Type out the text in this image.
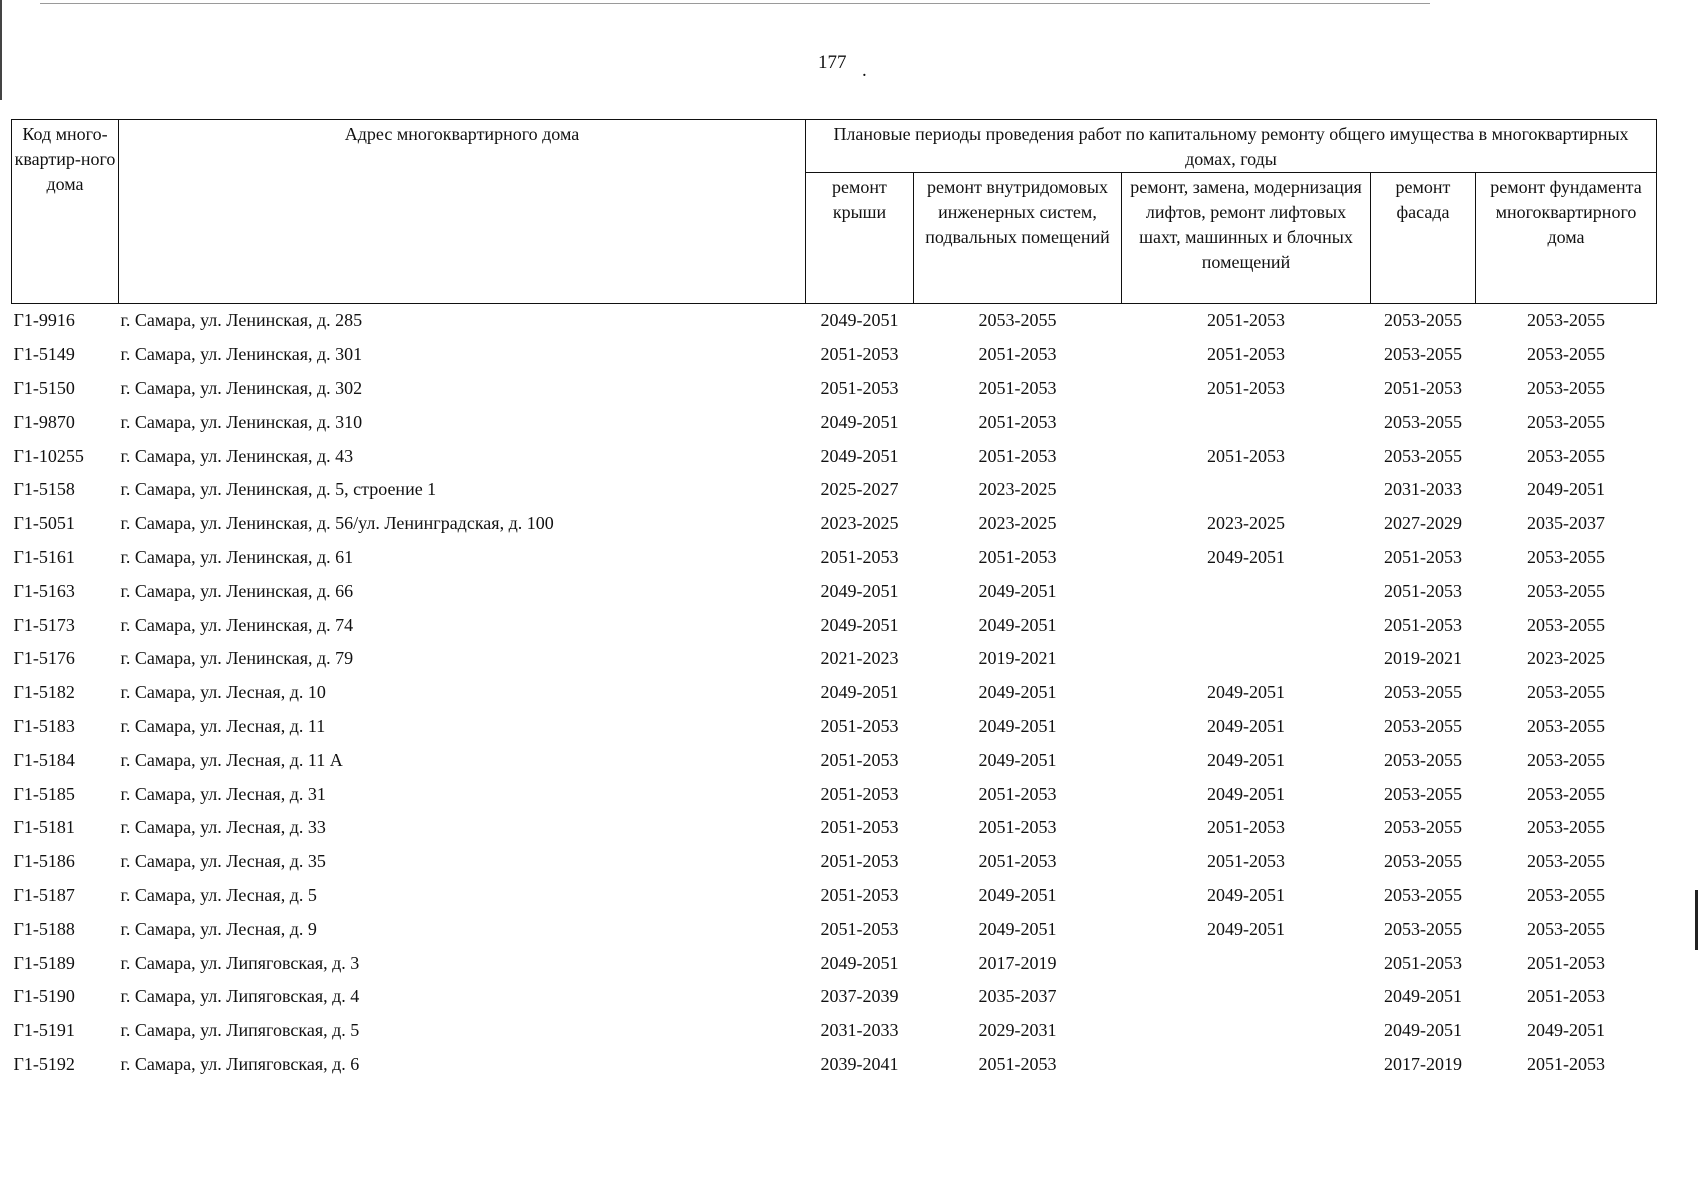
177 .
Код много-квартир-ного дома	Адрес многоквартирного дома	Плановые периоды проведения работ по капитальному ремонту общего имущества в многоквартирных домах, годы				
		ремонт крыши	ремонт внутридомовых инженерных систем, подвальных помещений	ремонт, замена, модернизация лифтов, ремонт лифтовых шахт, машинных и блочных помещений	ремонт фасада	ремонт фундамента многоквартирного дома
Г1-9916	г. Самара, ул. Ленинская, д. 285	2049-2051	2053-2055	2051-2053	2053-2055	2053-2055
Г1-5149	г. Самара, ул. Ленинская, д. 301	2051-2053	2051-2053	2051-2053	2053-2055	2053-2055
Г1-5150	г. Самара, ул. Ленинская, д. 302	2051-2053	2051-2053	2051-2053	2051-2053	2053-2055
Г1-9870	г. Самара, ул. Ленинская, д. 310	2049-2051	2051-2053		2053-2055	2053-2055
Г1-10255	г. Самара, ул. Ленинская, д. 43	2049-2051	2051-2053	2051-2053	2053-2055	2053-2055
Г1-5158	г. Самара, ул. Ленинская, д. 5, строение 1	2025-2027	2023-2025		2031-2033	2049-2051
Г1-5051	г. Самара, ул. Ленинская, д. 56/ул. Ленинградская, д. 100	2023-2025	2023-2025	2023-2025	2027-2029	2035-2037
Г1-5161	г. Самара, ул. Ленинская, д. 61	2051-2053	2051-2053	2049-2051	2051-2053	2053-2055
Г1-5163	г. Самара, ул. Ленинская, д. 66	2049-2051	2049-2051		2051-2053	2053-2055
Г1-5173	г. Самара, ул. Ленинская, д. 74	2049-2051	2049-2051		2051-2053	2053-2055
Г1-5176	г. Самара, ул. Ленинская, д. 79	2021-2023	2019-2021		2019-2021	2023-2025
Г1-5182	г. Самара, ул. Лесная, д. 10	2049-2051	2049-2051	2049-2051	2053-2055	2053-2055
Г1-5183	г. Самара, ул. Лесная, д. 11	2051-2053	2049-2051	2049-2051	2053-2055	2053-2055
Г1-5184	г. Самара, ул. Лесная, д. 11 А	2051-2053	2049-2051	2049-2051	2053-2055	2053-2055
Г1-5185	г. Самара, ул. Лесная, д. 31	2051-2053	2051-2053	2049-2051	2053-2055	2053-2055
Г1-5181	г. Самара, ул. Лесная, д. 33	2051-2053	2051-2053	2051-2053	2053-2055	2053-2055
Г1-5186	г. Самара, ул. Лесная, д. 35	2051-2053	2051-2053	2051-2053	2053-2055	2053-2055
Г1-5187	г. Самара, ул. Лесная, д. 5	2051-2053	2049-2051	2049-2051	2053-2055	2053-2055
Г1-5188	г. Самара, ул. Лесная, д. 9	2051-2053	2049-2051	2049-2051	2053-2055	2053-2055
Г1-5189	г. Самара, ул. Липяговская, д. 3	2049-2051	2017-2019		2051-2053	2051-2053
Г1-5190	г. Самара, ул. Липяговская, д. 4	2037-2039	2035-2037		2049-2051	2051-2053
Г1-5191	г. Самара, ул. Липяговская, д. 5	2031-2033	2029-2031		2049-2051	2049-2051
Г1-5192	г. Самара, ул. Липяговская, д. 6	2039-2041	2051-2053		2017-2019	2051-2053
